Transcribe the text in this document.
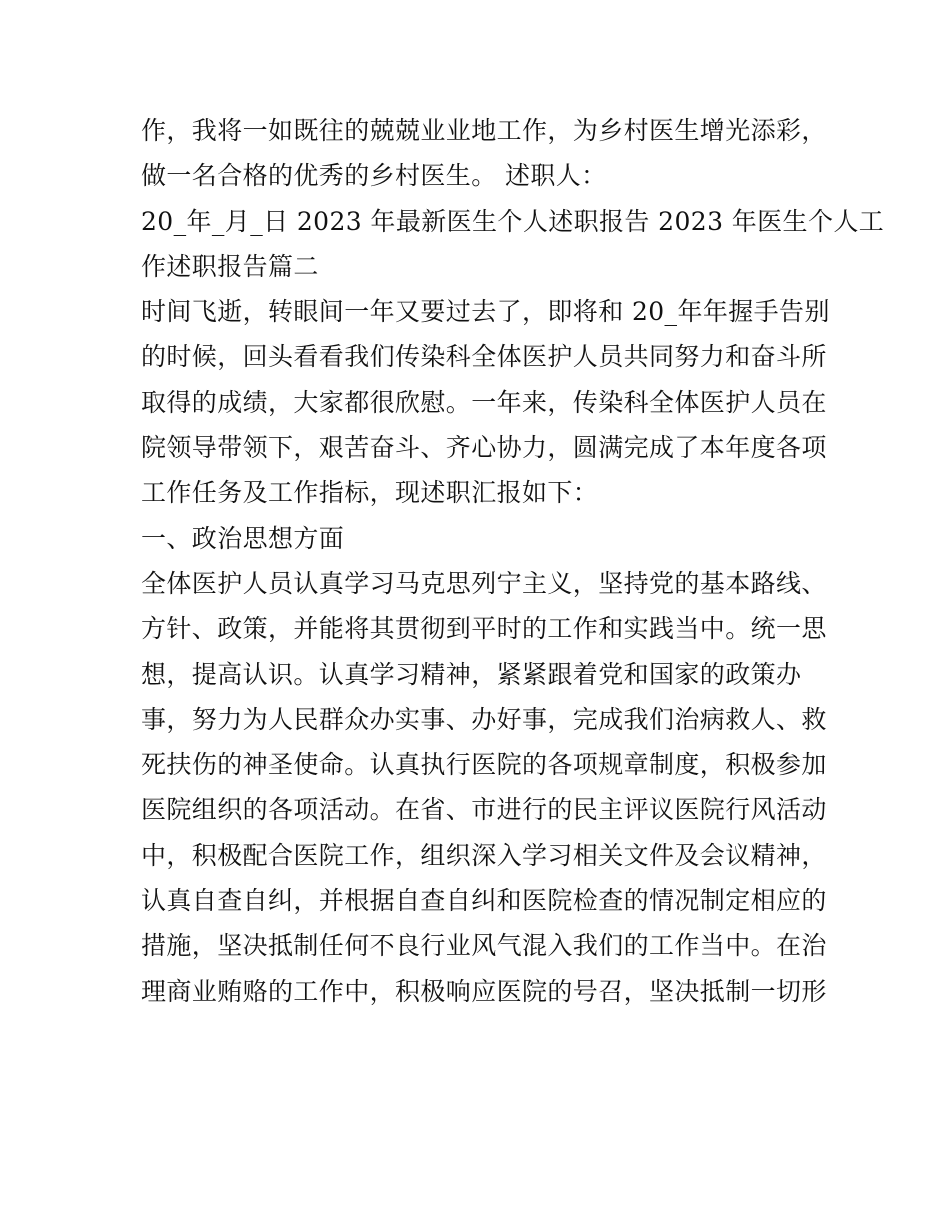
作，我将一如既往的兢兢业业地工作，为乡村医生增光添彩，
做一名合格的优秀的乡村医生。 述职人：
20_年_月_日 2023 年最新医生个人述职报告 2023 年医生个人工
作述职报告篇二
时间飞逝，转眼间一年又要过去了，即将和 20_年年握手告别
的时候，回头看看我们传染科全体医护人员共同努力和奋斗所
取得的成绩，大家都很欣慰。一年来，传染科全体医护人员在
院领导带领下，艰苦奋斗、齐心协力，圆满完成了本年度各项
工作任务及工作指标，现述职汇报如下：
一、政治思想方面
全体医护人员认真学习马克思列宁主义，坚持党的基本路线、
方针、政策，并能将其贯彻到平时的工作和实践当中。统一思
想，提高认识。认真学习精神，紧紧跟着党和国家的政策办
事，努力为人民群众办实事、办好事，完成我们治病救人、救
死扶伤的神圣使命。认真执行医院的各项规章制度，积极参加
医院组织的各项活动。在省、市进行的民主评议医院行风活动
中，积极配合医院工作，组织深入学习相关文件及会议精神，
认真自查自纠，并根据自查自纠和医院检查的情况制定相应的
措施，坚决抵制任何不良行业风气混入我们的工作当中。在治
理商业贿赂的工作中，积极响应医院的号召，坚决抵制一切形
